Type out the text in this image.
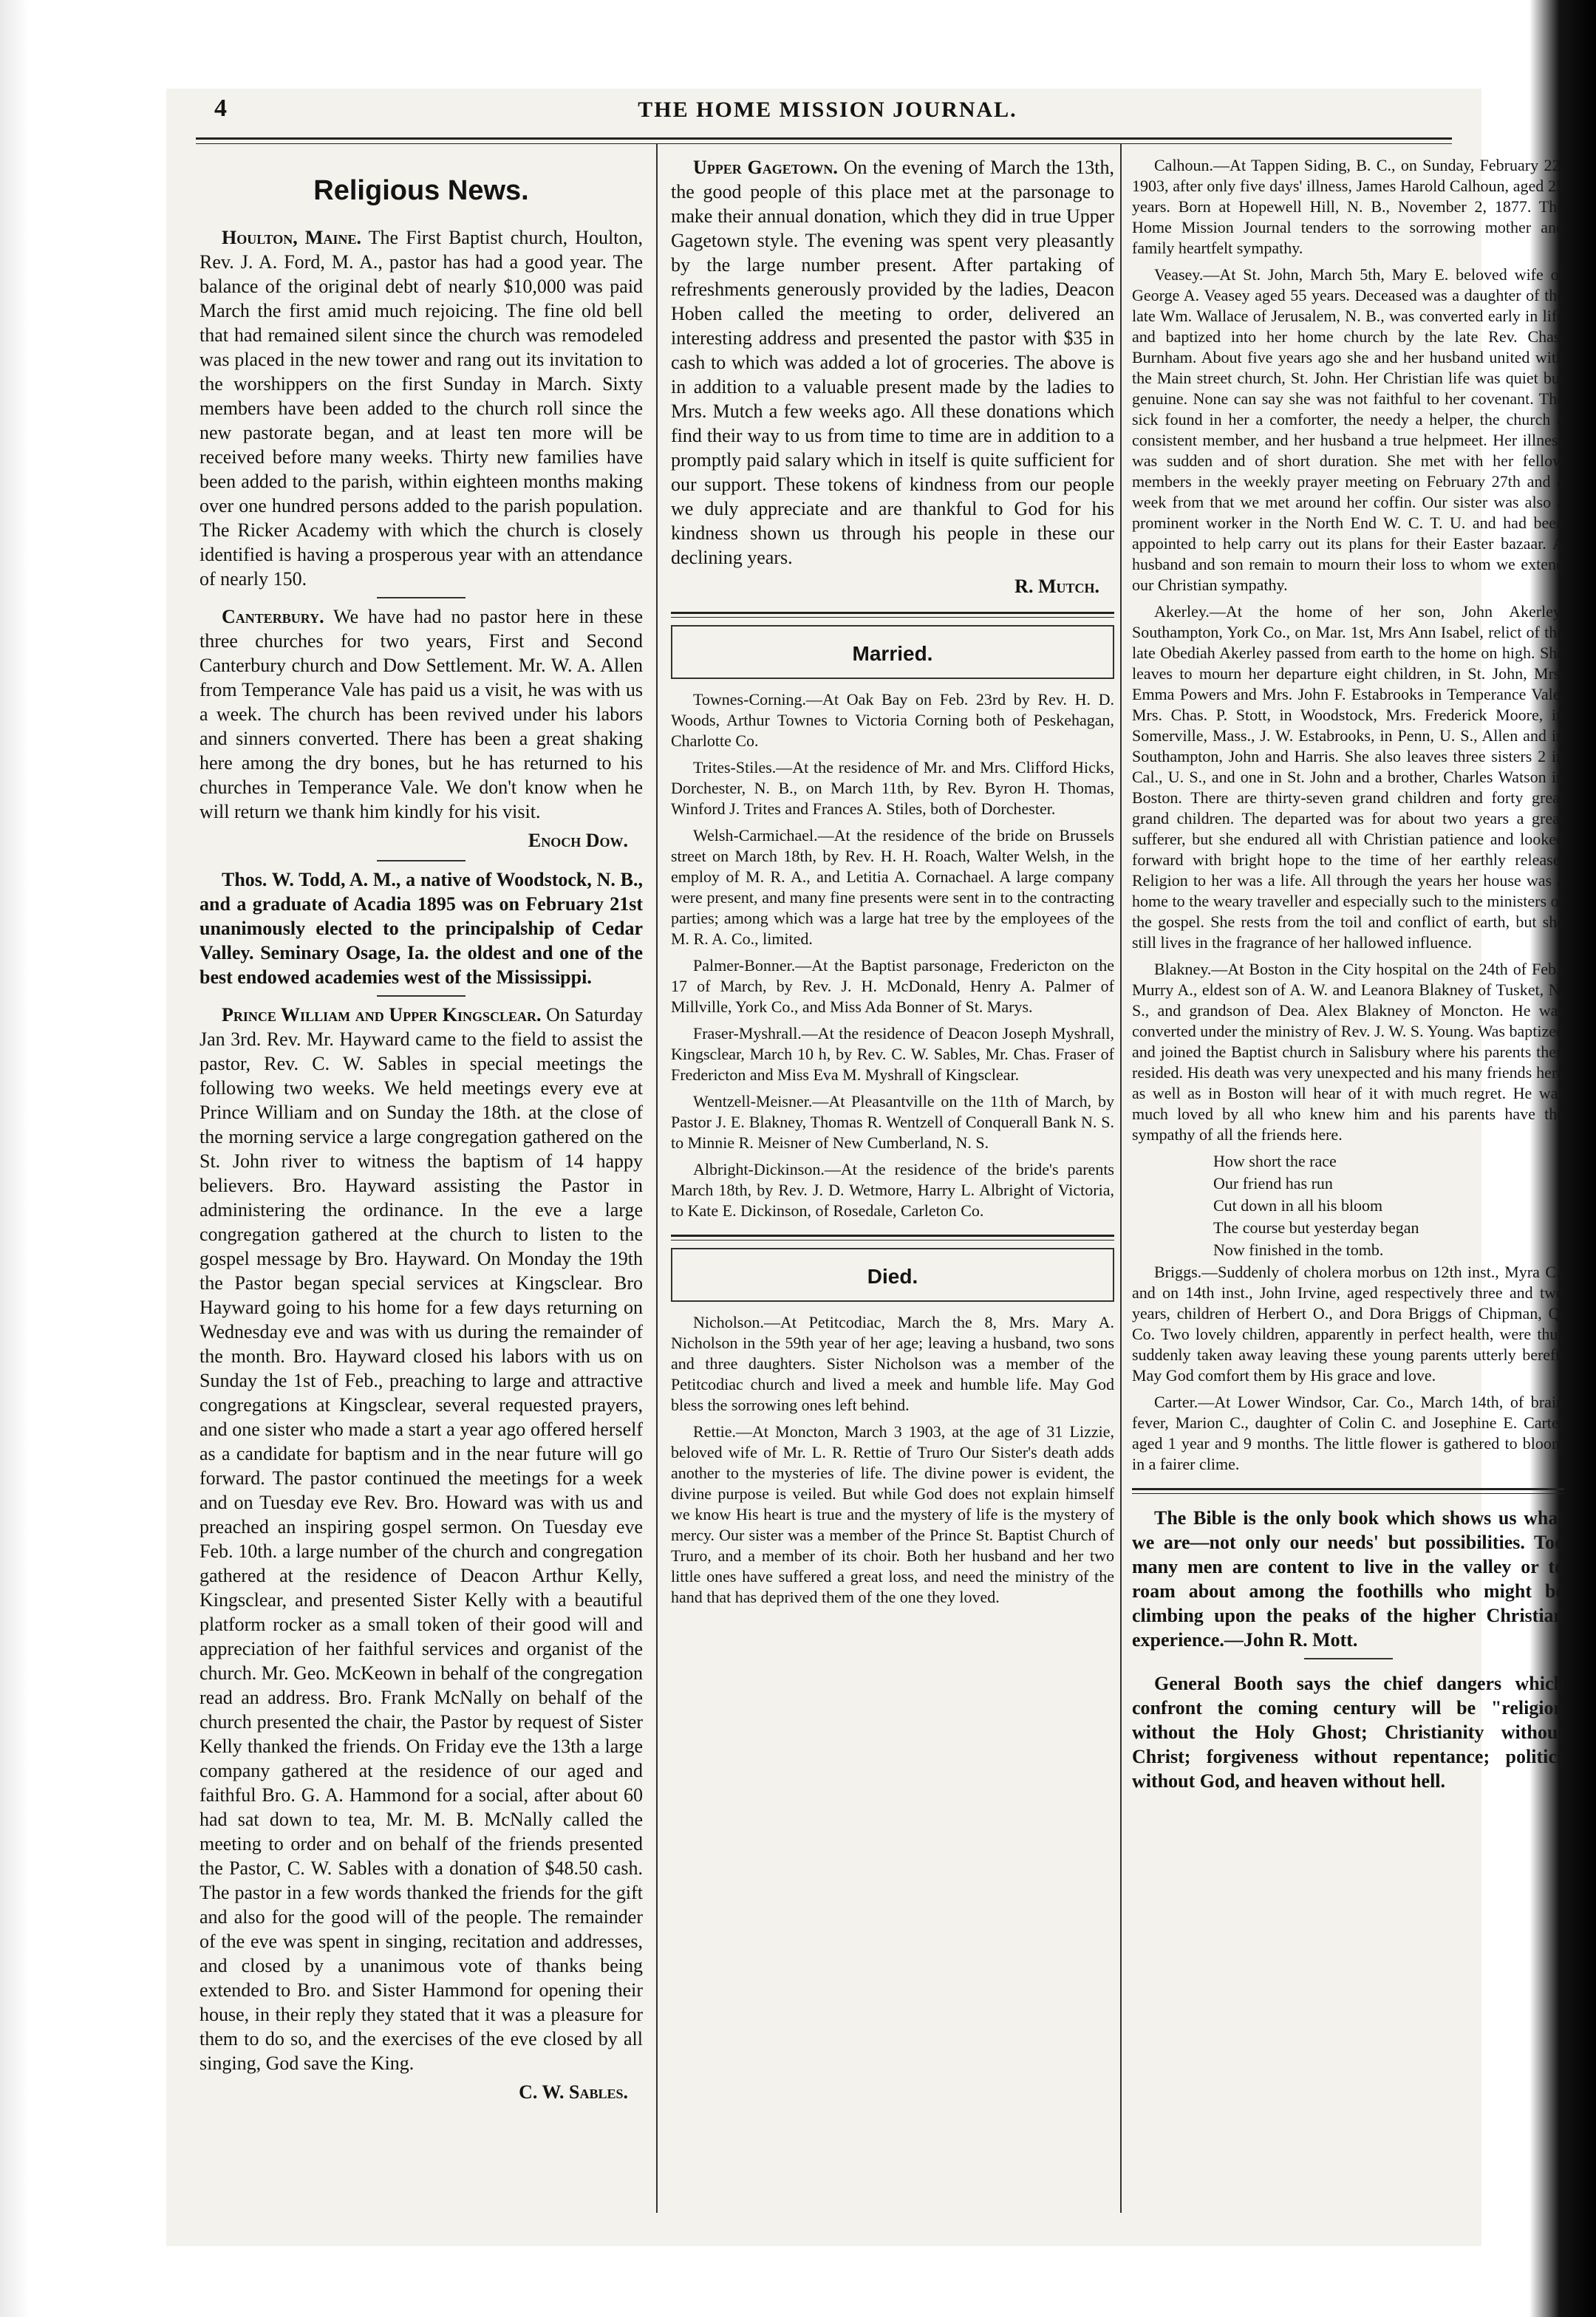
4	THE HOME MISSION JOURNAL.
Religious News.

Houlton, Maine. The First Baptist church, Houlton, Rev. J. A. Ford, M. A., pastor has had a good year. The balance of the original debt of nearly $10,000 was paid March the first amid much rejoicing. The fine old bell that had remained silent since the church was remodeled was placed in the new tower and rang out its invitation to the worshippers on the first Sunday in March. Sixty members have been added to the church roll since the new pastorate began, and at least ten more will be received before many weeks. Thirty new families have been added to the parish, within eighteen months making over one hundred persons added to the parish population. The Ricker Academy with which the church is closely identified is having a prosperous year with an attendance of nearly 150.

Canterbury. We have had no pastor here in these three churches for two years, First and Second Canterbury church and Dow Settlement. Mr. W. A. Allen from Temperance Vale has paid us a visit, he was with us a week. The church has been revived under his labors and sinners converted. There has been a great shaking here among the dry bones, but he has returned to his churches in Temperance Vale. We don't know when he will return we thank him kindly for his visit.

Enoch Dow.

Thos. W. Todd, A. M., a native of Woodstock, N. B., and a graduate of Acadia 1895 was on February 21st unanimously elected to the principalship of Cedar Valley. Seminary Osage, Ia. the oldest and one of the best endowed academies west of the Mississippi.

Prince William and Upper Kingsclear. On Saturday Jan 3rd. Rev. Mr. Hayward came to the field to assist the pastor, Rev. C. W. Sables in special meetings the following two weeks. We held meetings every eve at Prince William and on Sunday the 18th. at the close of the morning service a large congregation gathered on the St. John river to witness the baptism of 14 happy believers. Bro. Hayward assisting the Pastor in administering the ordinance. In the eve a large congregation gathered at the church to listen to the gospel message by Bro. Hayward. On Monday the 19th the Pastor began special services at Kingsclear. Bro Hayward going to his home for a few days returning on Wednesday eve and was with us during the remainder of the month. Bro. Hayward closed his labors with us on Sunday the 1st of Feb., preaching to large and attractive congregations at Kingsclear, several requested prayers, and one sister who made a start a year ago offered herself as a candidate for baptism and in the near future will go forward. The pastor continued the meetings for a week and on Tuesday eve Rev. Bro. Howard was with us and preached an inspiring gospel sermon. On Tuesday eve Feb. 10th. a large number of the church and congregation gathered at the residence of Deacon Arthur Kelly, Kingsclear, and presented Sister Kelly with a beautiful platform rocker as a small token of their good will and appreciation of her faithful services and organist of the church. Mr. Geo. McKeown in behalf of the congregation read an address. Bro. Frank McNally on behalf of the church presented the chair, the Pastor by request of Sister Kelly thanked the friends. On Friday eve the 13th a large company gathered at the residence of our aged and faithful Bro. G. A. Hammond for a social, after about 60 had sat down to tea, Mr. M. B. McNally called the meeting to order and on behalf of the friends presented the Pastor, C. W. Sables with a donation of $48.50 cash. The pastor in a few words thanked the friends for the gift and also for the good will of the people. The remainder of the eve was spent in singing, recitation and addresses, and closed by a unanimous vote of thanks being extended to Bro. and Sister Hammond for opening their house, in their reply they stated that it was a pleasure for them to do so, and the exercises of the eve closed by all singing, God save the King.

C. W. Sables.

Upper Gagetown. On the evening of March the 13th, the good people of this place met at the parsonage to make their annual donation, which they did in true Upper Gagetown style. The evening was spent very pleasantly by the large number present. After partaking of refreshments generously provided by the ladies, Deacon Hoben called the meeting to order, delivered an interesting address and presented the pastor with $35 in cash to which was added a lot of groceries. The above is in addition to a valuable present made by the ladies to Mrs. Mutch a few weeks ago. All these donations which find their way to us from time to time are in addition to a promptly paid salary which in itself is quite sufficient for our support. These tokens of kindness from our people we duly appreciate and are thankful to God for his kindness shown us through his people in these our declining years.

R. Mutch.

Married.

Townes-Corning.—At Oak Bay on Feb. 23rd by Rev. H. D. Woods, Arthur Townes to Victoria Corning both of Peskehagan, Charlotte Co.

Trites-Stiles.—At the residence of Mr. and Mrs. Clifford Hicks, Dorchester, N. B., on March 11th, by Rev. Byron H. Thomas, Winford J. Trites and Frances A. Stiles, both of Dorchester.

Welsh-Carmichael.—At the residence of the bride on Brussels street on March 18th, by Rev. H. H. Roach, Walter Welsh, in the employ of M. R. A., and Letitia A. Cornachael. A large company were present, and many fine presents were sent in to the contracting parties; among which was a large hat tree by the employees of the M. R. A. Co., limited.

Palmer-Bonner.—At the Baptist parsonage, Fredericton on the 17 of March, by Rev. J. H. McDonald, Henry A. Palmer of Millville, York Co., and Miss Ada Bonner of St. Marys.

Fraser-Myshrall.—At the residence of Deacon Joseph Myshrall, Kingsclear, March 10 h, by Rev. C. W. Sables, Mr. Chas. Fraser of Fredericton and Miss Eva M. Myshrall of Kingsclear.

Wentzell-Meisner.—At Pleasantville on the 11th of March, by Pastor J. E. Blakney, Thomas R. Wentzell of Conquerall Bank N. S. to Minnie R. Meisner of New Cumberland, N. S.

Albright-Dickinson.—At the residence of the bride's parents March 18th, by Rev. J. D. Wetmore, Harry L. Albright of Victoria, to Kate E. Dickinson, of Rosedale, Carleton Co.

Died.

Nicholson.—At Petitcodiac, March the 8, Mrs. Mary A. Nicholson in the 59th year of her age; leaving a husband, two sons and three daughters. Sister Nicholson was a member of the Petitcodiac church and lived a meek and humble life. May God bless the sorrowing ones left behind.

Rettie.—At Moncton, March 3 1903, at the age of 31 Lizzie, beloved wife of Mr. L. R. Rettie of Truro Our Sister's death adds another to the mysteries of life. The divine power is evident, the divine purpose is veiled. But while God does not explain himself we know His heart is true and the mystery of life is the mystery of mercy. Our sister was a member of the Prince St. Baptist Church of Truro, and a member of its choir. Both her husband and her two little ones have suffered a great loss, and need the ministry of the hand that has deprived them of the one they loved.

Calhoun.—At Tappen Siding, B. C., on Sunday, February 22, 1903, after only five days' illness, James Harold Calhoun, aged 25 years. Born at Hopewell Hill, N. B., November 2, 1877. The Home Mission Journal tenders to the sorrowing mother and family heartfelt sympathy.

Veasey.—At St. John, March 5th, Mary E. beloved wife of George A. Veasey aged 55 years. Deceased was a daughter of the late Wm. Wallace of Jerusalem, N. B., was converted early in life and baptized into her home church by the late Rev. Chas. Burnham. About five years ago she and her husband united with the Main street church, St. John. Her Christian life was quiet but genuine. None can say she was not faithful to her covenant. The sick found in her a comforter, the needy a helper, the church a consistent member, and her husband a true helpmeet. Her illness was sudden and of short duration. She met with her fellow members in the weekly prayer meeting on February 27th and a week from that we met around her coffin. Our sister was also a prominent worker in the North End W. C. T. U. and had been appointed to help carry out its plans for their Easter bazaar. A husband and son remain to mourn their loss to whom we extend our Christian sympathy.

Akerley.—At the home of her son, John Akerley, Southampton, York Co., on Mar. 1st, Mrs Ann Isabel, relict of the late Obediah Akerley passed from earth to the home on high. She leaves to mourn her departure eight children, in St. John, Mrs. Emma Powers and Mrs. John F. Estabrooks in Temperance Vale, Mrs. Chas. P. Stott, in Woodstock, Mrs. Frederick Moore, in Somerville, Mass., J. W. Estabrooks, in Penn, U. S., Allen and in Southampton, John and Harris. She also leaves three sisters 2 in Cal., U. S., and one in St. John and a brother, Charles Watson in Boston. There are thirty-seven grand children and forty great grand children. The departed was for about two years a great sufferer, but she endured all with Christian patience and looked forward with bright hope to the time of her earthly release. Religion to her was a life. All through the years her house was a home to the weary traveller and especially such to the ministers of the gospel. She rests from the toil and conflict of earth, but she still lives in the fragrance of her hallowed influence.

Blakney.—At Boston in the City hospital on the 24th of Feb., Murry A., eldest son of A. W. and Leanora Blakney of Tusket, N. S., and grandson of Dea. Alex Blakney of Moncton. He was converted under the ministry of Rev. J. W. S. Young. Was baptized and joined the Baptist church in Salisbury where his parents then resided. His death was very unexpected and his many friends here as well as in Boston will hear of it with much regret. He was much loved by all who knew him and his parents have the sympathy of all the friends here.

How short the race

Our friend has run

Cut down in all his bloom

The course but yesterday began

Now finished in the tomb.

Briggs.—Suddenly of cholera morbus on 12th inst., Myra C., and on 14th inst., John Irvine, aged respectively three and two years, children of Herbert O., and Dora Briggs of Chipman, Q. Co. Two lovely children, apparently in perfect health, were thus suddenly taken away leaving these young parents utterly bereft. May God comfort them by His grace and love.

Carter.—At Lower Windsor, Car. Co., March 14th, of brain fever, Marion C., daughter of Colin C. and Josephine E. Carter aged 1 year and 9 months. The little flower is gathered to bloom in a fairer clime.

The Bible is the only book which shows us what we are—not only our needs' but possibilities. Too many men are content to live in the valley or to roam about among the foothills who might be climbing upon the peaks of the higher Christian experience.—John R. Mott.

General Booth says the chief dangers which confront the coming century will be "religion without the Holy Ghost; Christianity without Christ; forgiveness without repentance; politics without God, and heaven without hell.
